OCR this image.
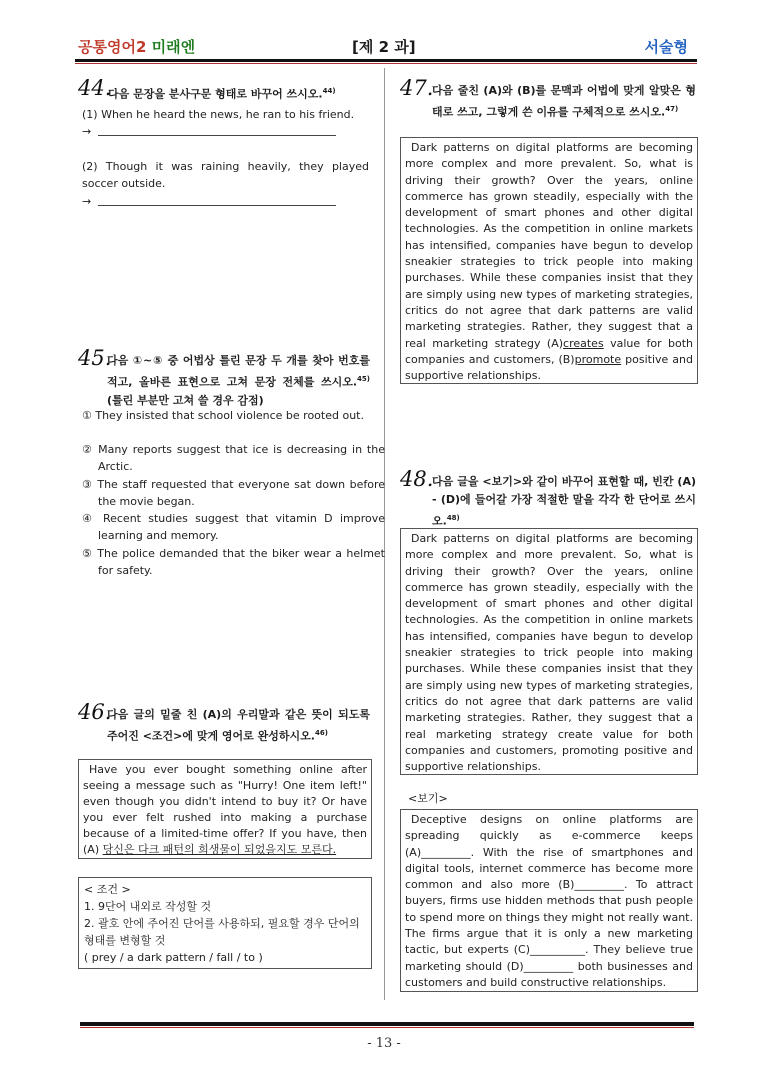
공통영어2 미래엔	[제 2 과]	서술형
44.
다음 문장을 분사구문 형태로 바꾸어 쓰시오.$^{44)}$
(1) When he heard the news, he ran to his friend.
→
(2) Though it was raining heavily, they played soccer outside.
→
45.
다음 ①~⑤ 중 어법상 틀린 문장 두 개를 찾아 번호를 적고, 올바른 표현으로 고쳐 문장 전체를 쓰시오.$^{45)}$ (틀린 부분만 고쳐 쓸 경우 감점)
① They insisted that school violence be rooted out.
② Many reports suggest that ice is decreasing in the Arctic.
③ The staff requested that everyone sat down before the movie began.
④ Recent studies suggest that vitamin D improve learning and memory.
⑤ The police demanded that the biker wear a helmet for safety.
46.
다음 글의 밑줄 친 (A)의 우리말과 같은 뜻이 되도록 주어진 <조건>에 맞게 영어로 완성하시오.$^{46)}$

Have you ever bought something online after seeing a message such as "Hurry! One item left!" even though you didn't intend to buy it? Or have you ever felt rushed into making a purchase because of a limited-time offer? If you have, then (A) 당신은 다크 패턴의 희생물이 되었을지도 모른다.

< 조건 >
1. 9단어 내외로 작성할 것
2. 괄호 안에 주어진 단어를 사용하되, 필요할 경우 단어의 형태를 변형할 것
( prey / a dark pattern / fall / to )
47.
다음 줄친 (A)와 (B)를 문맥과 어법에 맞게 알맞은 형태로 쓰고, 그렇게 쓴 이유를 구체적으로 쓰시오.$^{47)}$

Dark patterns on digital platforms are becoming more complex and more prevalent. So, what is driving their growth? Over the years, online commerce has grown steadily, especially with the development of smart phones and other digital technologies. As the competition in online markets has intensified, companies have begun to develop sneakier strategies to trick people into making purchases. While these companies insist that they are simply using new types of marketing strategies, critics do not agree that dark patterns are valid marketing strategies. Rather, they suggest that a real marketing strategy (A)creates value for both companies and customers, (B)promote positive and supportive relationships.

48.
다음 글을 <보기>와 같이 바꾸어 표현할 때, 빈칸 (A) - (D)에 들어갈 가장 적절한 말을 각각 한 단어로 쓰시오.$^{48)}$

Dark patterns on digital platforms are becoming more complex and more prevalent. So, what is driving their growth? Over the years, online commerce has grown steadily, especially with the development of smart phones and other digital technologies. As the competition in online markets has intensified, companies have begun to develop sneakier strategies to trick people into making purchases. While these companies insist that they are simply using new types of marketing strategies, critics do not agree that dark patterns are valid marketing strategies. Rather, they suggest that a real marketing strategy create value for both companies and customers, promoting positive and supportive relationships.

<보기>

Deceptive designs on online platforms are spreading quickly as e-commerce keeps (A)_________. With the rise of smartphones and digital tools, internet commerce has become more common and also more (B)_________. To attract buyers, firms use hidden methods that push people to spend more on things they might not really want. The firms argue that it is only a new marketing tactic, but experts (C)__________. They believe true marketing should (D)_________ both businesses and customers and build constructive relationships.

- 13 -
